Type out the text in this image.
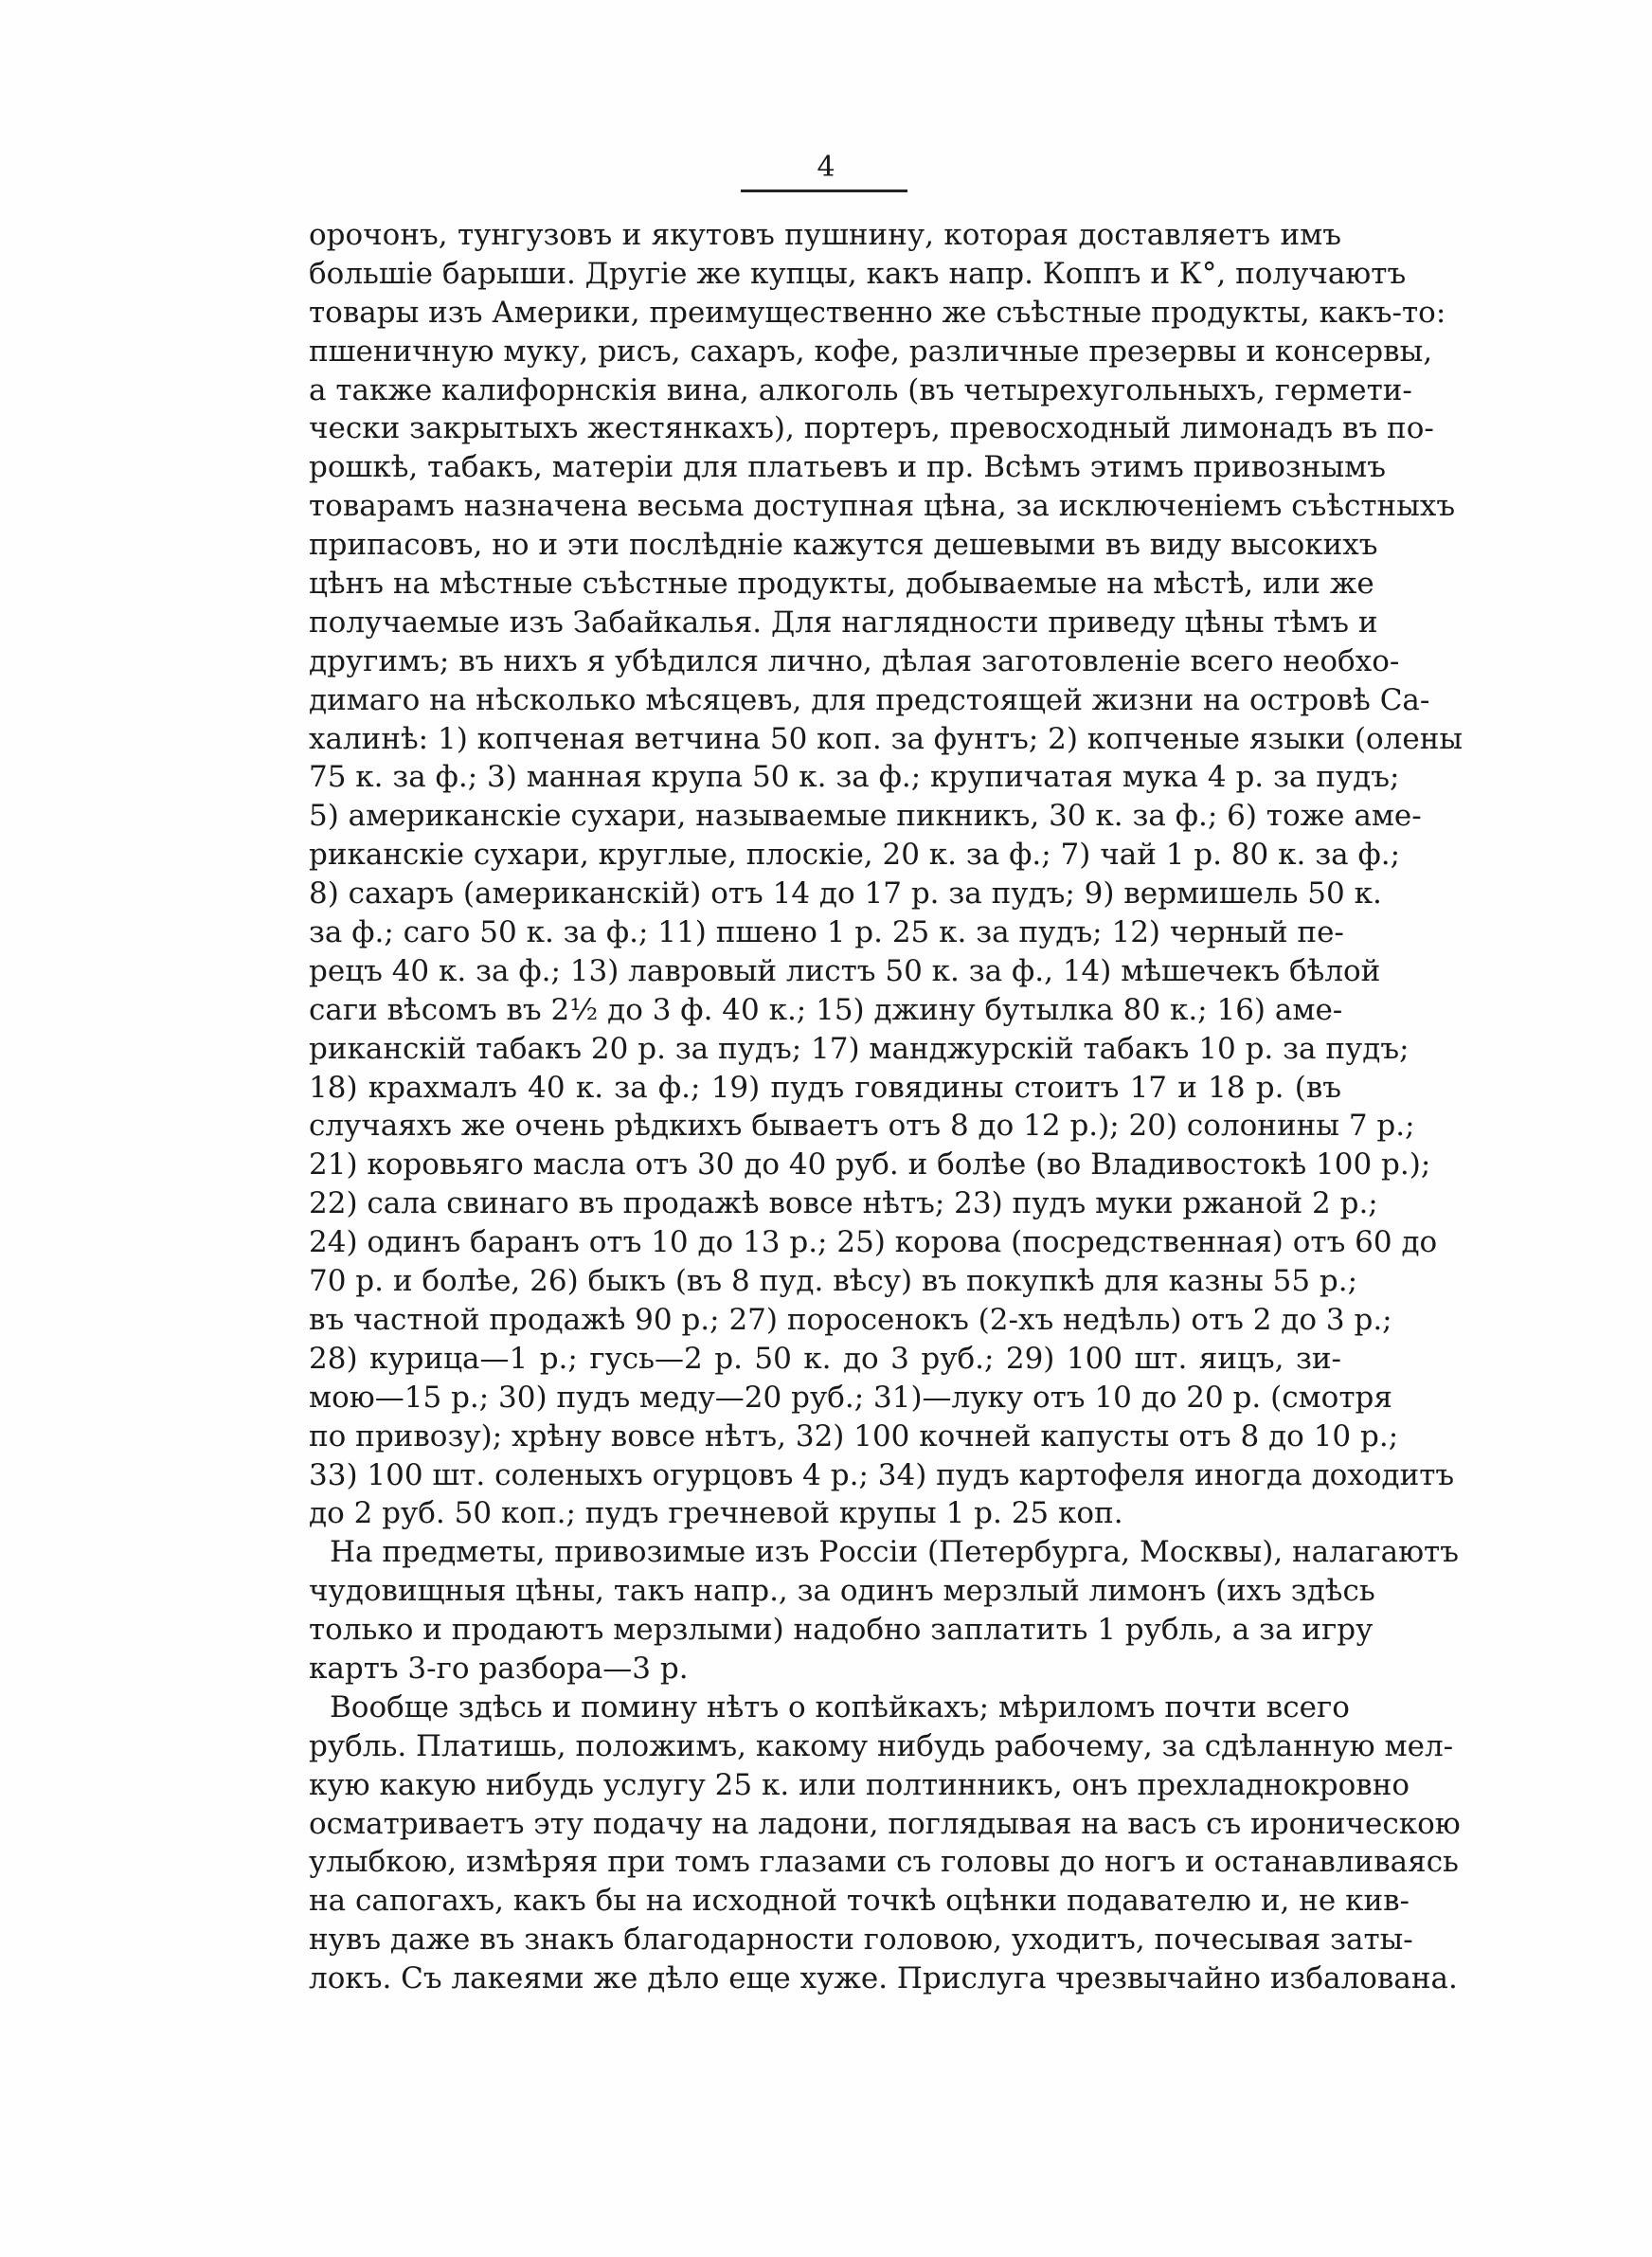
4
орочонъ, тунгузовъ и якутовъ пушнину, которая доставляетъ имъ
большіе барыши. Другіе же купцы, какъ напр. Коппъ и К°, получаютъ
товары изъ Америки, преимущественно же съѣстные продукты, какъ-то:
пшеничную муку, рисъ, сахаръ, кофе, различные презервы и консервы,
а также калифорнскія вина, алкоголь (въ четырехугольныхъ, гермети-
чески закрытыхъ жестянкахъ), портеръ, превосходный лимонадъ въ по-
рошкѣ, табакъ, матеріи для платьевъ и пр. Всѣмъ этимъ привознымъ
товарамъ назначена весьма доступная цѣна, за исключеніемъ съѣстныхъ
припасовъ, но и эти послѣдніе кажутся дешевыми въ виду высокихъ
цѣнъ на мѣстные съѣстные продукты, добываемые на мѣстѣ, или же
получаемые изъ Забайкалья. Для наглядности приведу цѣны тѣмъ и
другимъ; въ нихъ я убѣдился лично, дѣлая заготовленіе всего необхо-
димаго на нѣсколько мѣсяцевъ, для предстоящей жизни на островѣ Са-
халинѣ: 1) копченая ветчина 50 коп. за фунтъ; 2) копченые языки (олены
75 к. за ф.; 3) манная крупа 50 к. за ф.; крупичатая мука 4 р. за пудъ;
5) американскіе сухари, называемые пикникъ, 30 к. за ф.; 6) тоже аме-
риканскіе сухари, круглые, плоскіе, 20 к. за ф.; 7) чай 1 р. 80 к. за ф.;
8) сахаръ (американскій) отъ 14 до 17 р. за пудъ; 9) вермишель 50 к.
за ф.; саго 50 к. за ф.; 11) пшено 1 р. 25 к. за пудъ; 12) черный пе-
рецъ 40 к. за ф.; 13) лавровый листъ 50 к. за ф., 14) мѣшечекъ бѣлой
саги вѣсомъ въ 2½ до 3 ф. 40 к.; 15) джину бутылка 80 к.; 16) аме-
риканскій табакъ 20 р. за пудъ; 17) манджурскій табакъ 10 р. за пудъ;
18) крахмалъ 40 к. за ф.; 19) пудъ говядины стоитъ 17 и 18 р. (въ
случаяхъ же очень рѣдкихъ бываетъ отъ 8 до 12 р.); 20) солонины 7 р.;
21) коровьяго масла отъ 30 до 40 руб. и болѣе (во Владивостокѣ 100 р.);
22) сала свинаго въ продажѣ вовсе нѣтъ; 23) пудъ муки ржаной 2 р.;
24) одинъ баранъ отъ 10 до 13 р.; 25) корова (посредственная) отъ 60 до
70 р. и болѣе, 26) быкъ (въ 8 пуд. вѣсу) въ покупкѣ для казны 55 р.;
въ частной продажѣ 90 р.; 27) поросенокъ (2-хъ недѣль) отъ 2 до 3 р.;
28) курица—1 р.; гусь—2 р. 50 к. до 3 руб.; 29) 100 шт. яицъ, зи-
мою—15 р.; 30) пудъ меду—20 руб.; 31)—луку отъ 10 до 20 р. (смотря
по привозу); хрѣну вовсе нѣтъ, 32) 100 кочней капусты отъ 8 до 10 р.;
33) 100 шт. соленыхъ огурцовъ 4 р.; 34) пудъ картофеля иногда доходитъ
до 2 руб. 50 коп.; пудъ гречневой крупы 1 р. 25 коп.
На предметы, привозимые изъ Россіи (Петербурга, Москвы), налагаютъ
чудовищныя цѣны, такъ напр., за одинъ мерзлый лимонъ (ихъ здѣсь
только и продаютъ мерзлыми) надобно заплатить 1 рубль, а за игру
картъ 3-го разбора—3 р.
Вообще здѣсь и помину нѣтъ о копѣйкахъ; мѣриломъ почти всего
рубль. Платишь, положимъ, какому нибудь рабочему, за сдѣланную мел-
кую какую нибудь услугу 25 к. или полтинникъ, онъ прехладнокровно
осматриваетъ эту подачу на ладони, поглядывая на васъ съ ироническою
улыбкою, измѣряя при томъ глазами съ головы до ногъ и останавливаясь
на сапогахъ, какъ бы на исходной точкѣ оцѣнки подавателю и, не кив-
нувъ даже въ знакъ благодарности головою, уходитъ, почесывая заты-
локъ. Съ лакеями же дѣло еще хуже. Прислуга чрезвычайно избалована.
